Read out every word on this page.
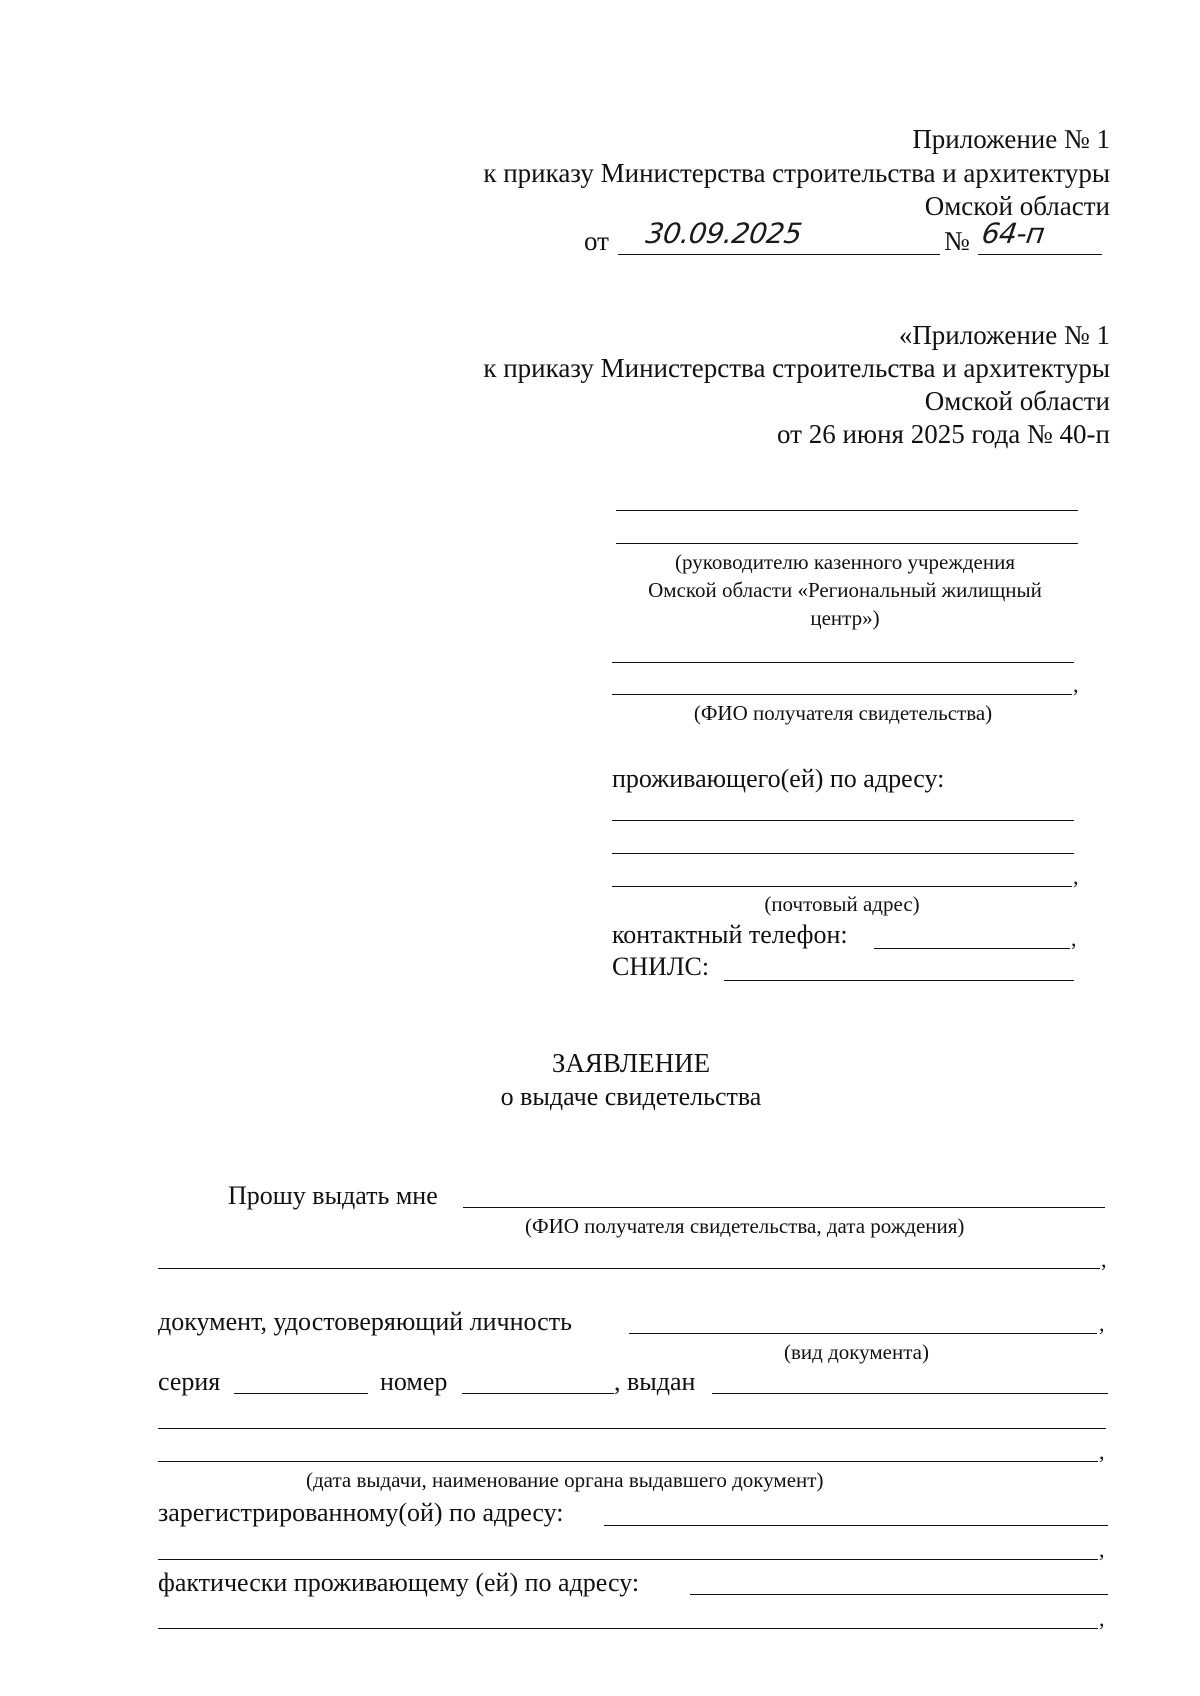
Приложение № 1
к приказу Министерства строительства и архитектуры
Омской области
от 30.09.2025	№ 64-п
«Приложение № 1
к приказу Министерства строительства и архитектуры
Омской области
от 26 июня 2025 года № 40-п
(руководителю казенного учреждения
Омской области «Региональный жилищный
центр»)
,
(ФИО получателя свидетельства)
проживающего(ей) по адресу:
,
(почтовый адрес)
контактный телефон:	,
СНИЛС:
ЗАЯВЛЕНИЕ
о выдаче свидетельства
Прошу выдать мне
(ФИО получателя свидетельства, дата рождения)
,
документ, удостоверяющий личность	,
(вид документа)
серия	номер	, выдан
,
(дата выдачи, наименование органа выдавшего документ)
зарегистрированному(ой) по адресу:
,
фактически проживающему (ей) по адресу:
,
